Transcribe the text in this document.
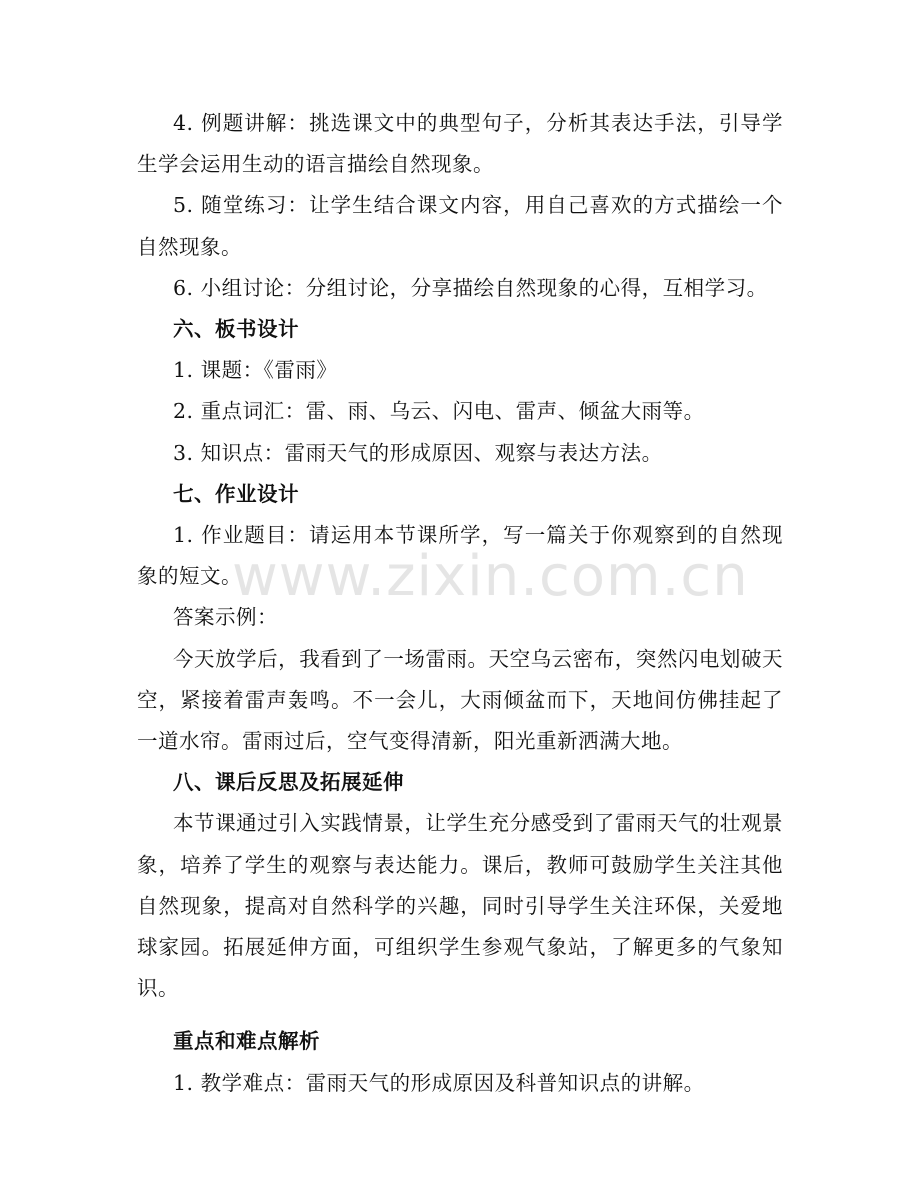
4. 例题讲解：挑选课文中的典型句子，分析其表达手法，引导学生学会运用生动的语言描绘自然现象。

5. 随堂练习：让学生结合课文内容，用自己喜欢的方式描绘一个自然现象。

6. 小组讨论：分组讨论，分享描绘自然现象的心得，互相学习。

六、板书设计

1. 课题：《雷雨》

2. 重点词汇：雷、雨、乌云、闪电、雷声、倾盆大雨等。

3. 知识点：雷雨天气的形成原因、观察与表达方法。

七、作业设计

1. 作业题目：请运用本节课所学，写一篇关于你观察到的自然现象的短文。

答案示例：

今天放学后，我看到了一场雷雨。天空乌云密布，突然闪电划破天空，紧接着雷声轰鸣。不一会儿，大雨倾盆而下，天地间仿佛挂起了一道水帘。雷雨过后，空气变得清新，阳光重新洒满大地。

八、课后反思及拓展延伸

本节课通过引入实践情景，让学生充分感受到了雷雨天气的壮观景象，培养了学生的观察与表达能力。课后，教师可鼓励学生关注其他自然现象，提高对自然科学的兴趣，同时引导学生关注环保，关爱地球家园。拓展延伸方面，可组织学生参观气象站，了解更多的气象知识。

重点和难点解析

1. 教学难点：雷雨天气的形成原因及科普知识点的讲解。

www.zixin.com.cn
